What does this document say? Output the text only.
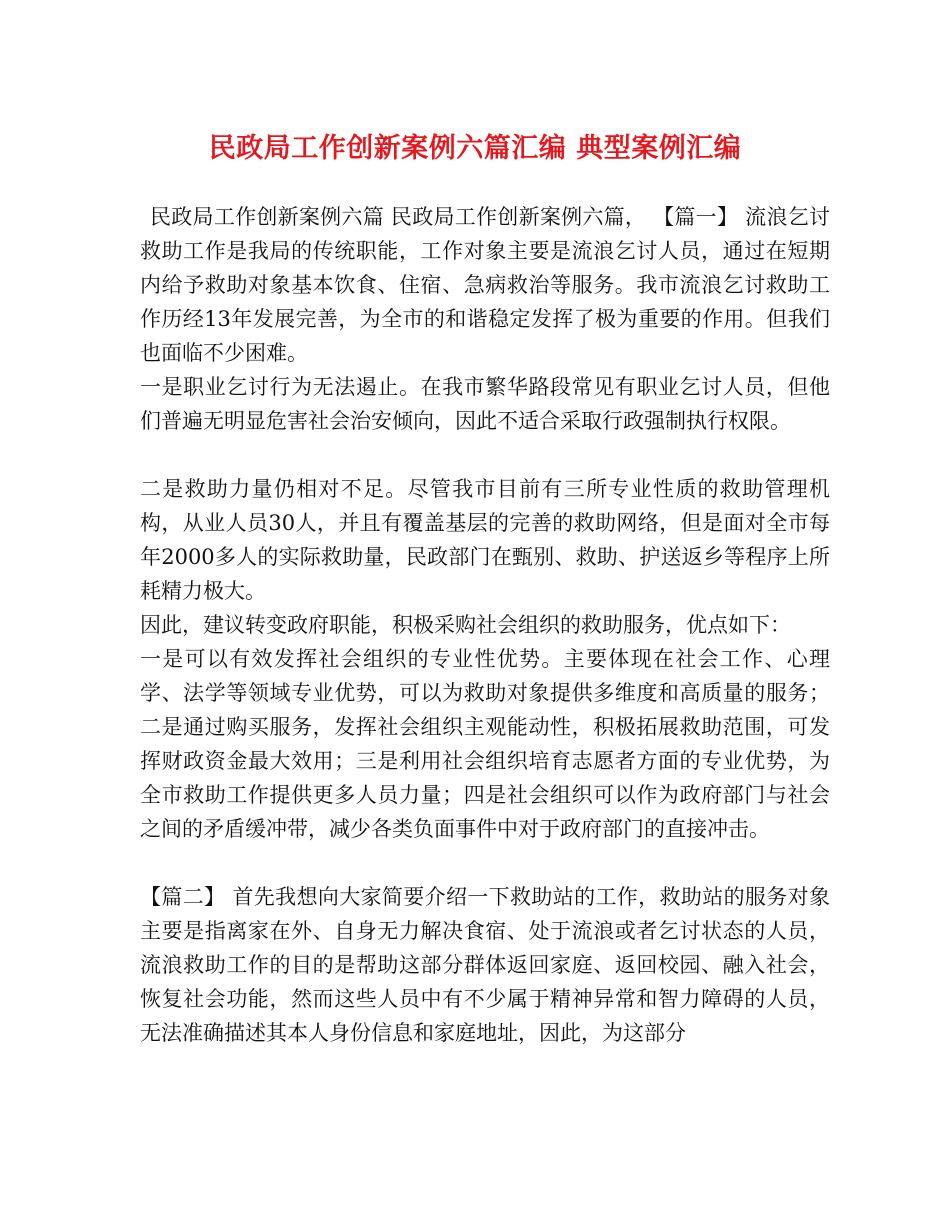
民政局工作创新案例六篇汇编 典型案例汇编

民政局工作创新案例六篇 民政局工作创新案例六篇， 【篇一】 流浪乞讨救助工作是我局的传统职能，工作对象主要是流浪乞讨人员，通过在短期内给予救助对象基本饮食、住宿、急病救治等服务。我市流浪乞讨救助工作历经13年发展完善，为全市的和谐稳定发挥了极为重要的作用。但我们也面临不少困难。

一是职业乞讨行为无法遏止。在我市繁华路段常见有职业乞讨人员，但他们普遍无明显危害社会治安倾向，因此不适合采取行政强制执行权限。

二是救助力量仍相对不足。尽管我市目前有三所专业性质的救助管理机构，从业人员30人，并且有覆盖基层的完善的救助网络，但是面对全市每年2000多人的实际救助量，民政部门在甄别、救助、护送返乡等程序上所耗精力极大。

因此，建议转变政府职能，积极采购社会组织的救助服务，优点如下：

一是可以有效发挥社会组织的专业性优势。主要体现在社会工作、心理学、法学等领域专业优势，可以为救助对象提供多维度和高质量的服务；二是通过购买服务，发挥社会组织主观能动性，积极拓展救助范围，可发挥财政资金最大效用；三是利用社会组织培育志愿者方面的专业优势，为全市救助工作提供更多人员力量；四是社会组织可以作为政府部门与社会之间的矛盾缓冲带，减少各类负面事件中对于政府部门的直接冲击。

【篇二】 首先我想向大家简要介绍一下救助站的工作，救助站的服务对象主要是指离家在外、自身无力解决食宿、处于流浪或者乞讨状态的人员，流浪救助工作的目的是帮助这部分群体返回家庭、返回校园、融入社会，恢复社会功能，然而这些人员中有不少属于精神异常和智力障碍的人员，无法准确描述其本人身份信息和家庭地址，因此，为这部分
